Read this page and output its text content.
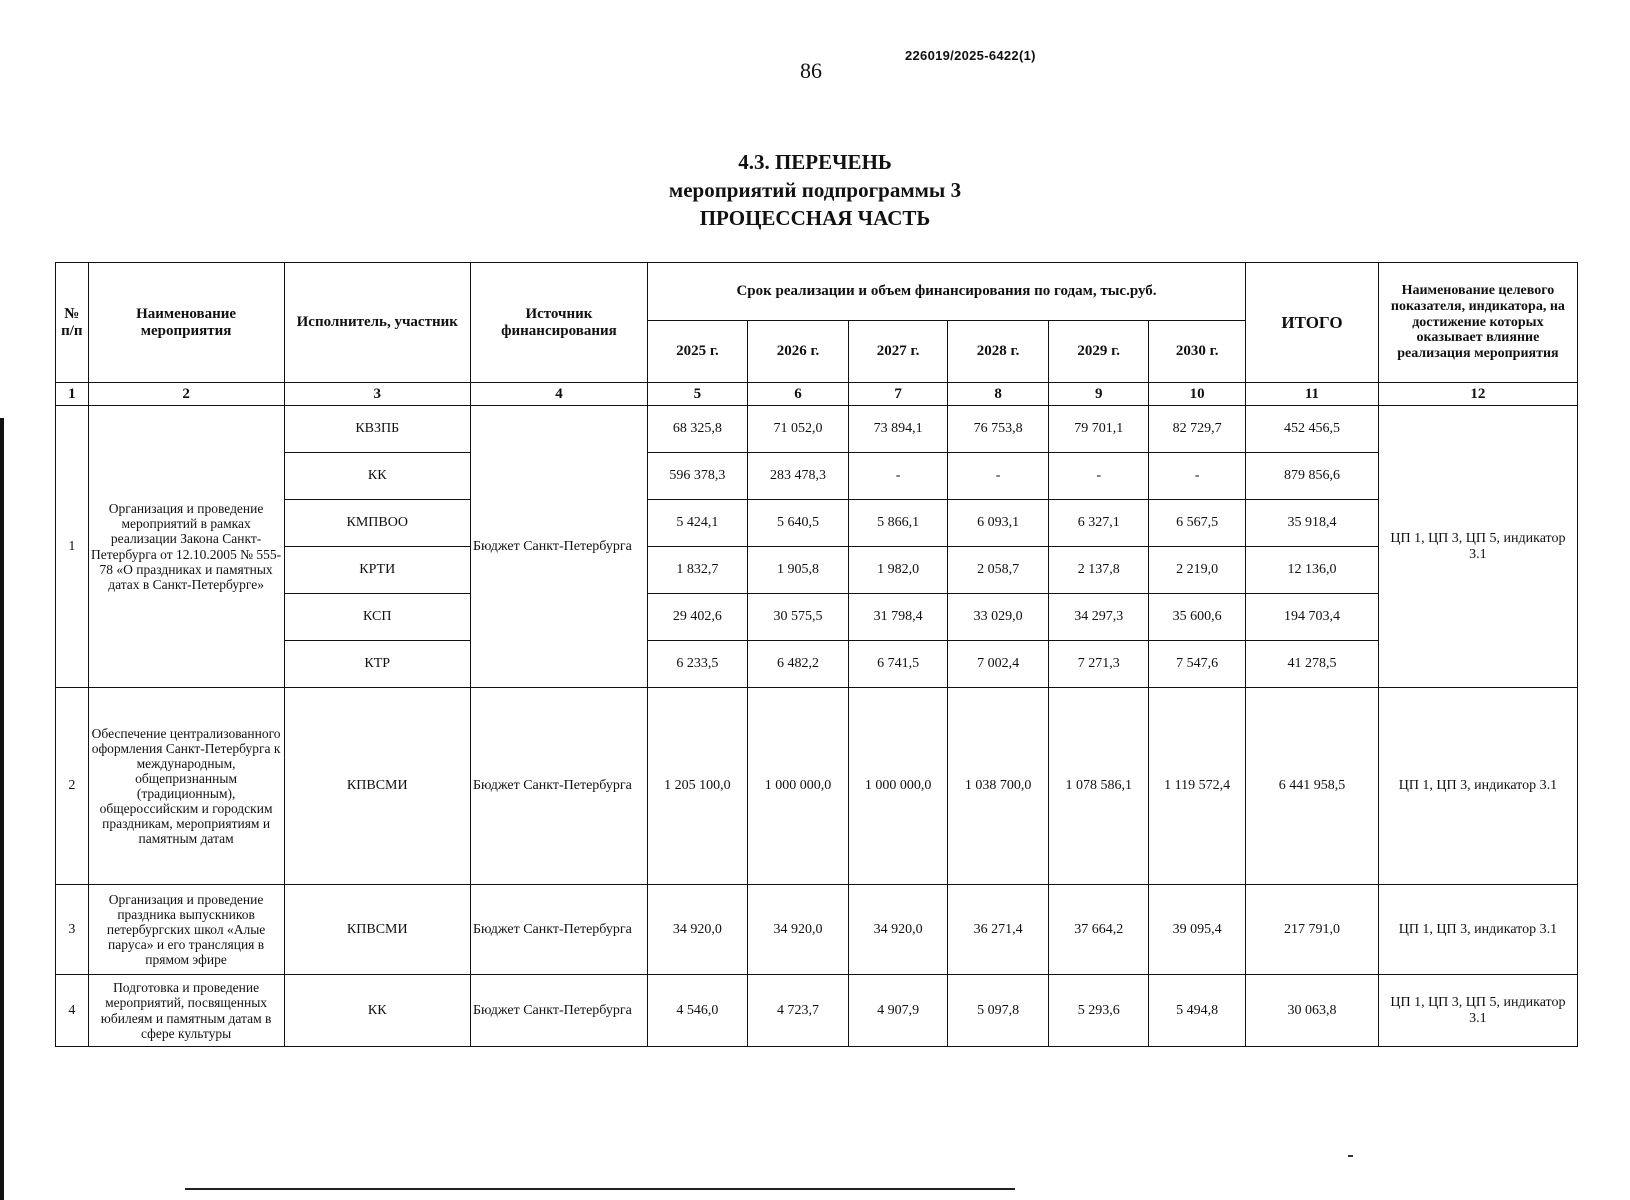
86
226019/2025-6422(1)
4.3. ПЕРЕЧЕНЬ
мероприятий подпрограммы 3
ПРОЦЕССНАЯ ЧАСТЬ
№ п/п	Наименование мероприятия	Исполнитель, участник	Источник финансирования	Срок реализации и объем финансирования по годам, тыс.руб.						ИТОГО	Наименование целевого показателя, индикатора, на достижение которых оказывает влияние реализация мероприятия
				2025 г.	2026 г.	2027 г.	2028 г.	2029 г.	2030 г.		
1	2	3	4	5	6	7	8	9	10	11	12
1	Организация и проведение мероприятий в рамках реализации Закона Санкт-Петербурга от 12.10.2005 № 555-78 «О праздниках и памятных датах в Санкт-Петербурге»	КВЗПБ	Бюджет Санкт-Петербурга	68 325,8	71 052,0	73 894,1	76 753,8	79 701,1	82 729,7	452 456,5	ЦП 1, ЦП 3, ЦП 5, индикатор 3.1
		КК		596 378,3	283 478,3	-	-	-	-	879 856,6	
		КМПВОО		5 424,1	5 640,5	5 866,1	6 093,1	6 327,1	6 567,5	35 918,4	
		КРТИ		1 832,7	1 905,8	1 982,0	2 058,7	2 137,8	2 219,0	12 136,0	
		КСП		29 402,6	30 575,5	31 798,4	33 029,0	34 297,3	35 600,6	194 703,4	
		КТР		6 233,5	6 482,2	6 741,5	7 002,4	7 271,3	7 547,6	41 278,5	
2	Обеспечение централизованного оформления Санкт-Петербурга к международным, общепризнанным (традиционным), общероссийским и городским праздникам, мероприятиям и памятным датам	КПВСМИ	Бюджет Санкт-Петербурга	1 205 100,0	1 000 000,0	1 000 000,0	1 038 700,0	1 078 586,1	1 119 572,4	6 441 958,5	ЦП 1, ЦП 3, индикатор 3.1
3	Организация и проведение праздника выпускников петербургских школ «Алые паруса» и его трансляция в прямом эфире	КПВСМИ	Бюджет Санкт-Петербурга	34 920,0	34 920,0	34 920,0	36 271,4	37 664,2	39 095,4	217 791,0	ЦП 1, ЦП 3, индикатор 3.1
4	Подготовка и проведение мероприятий, посвященных юбилеям и памятным датам в сфере культуры	КК	Бюджет Санкт-Петербурга	4 546,0	4 723,7	4 907,9	5 097,8	5 293,6	5 494,8	30 063,8	ЦП 1, ЦП 3, ЦП 5, индикатор 3.1
